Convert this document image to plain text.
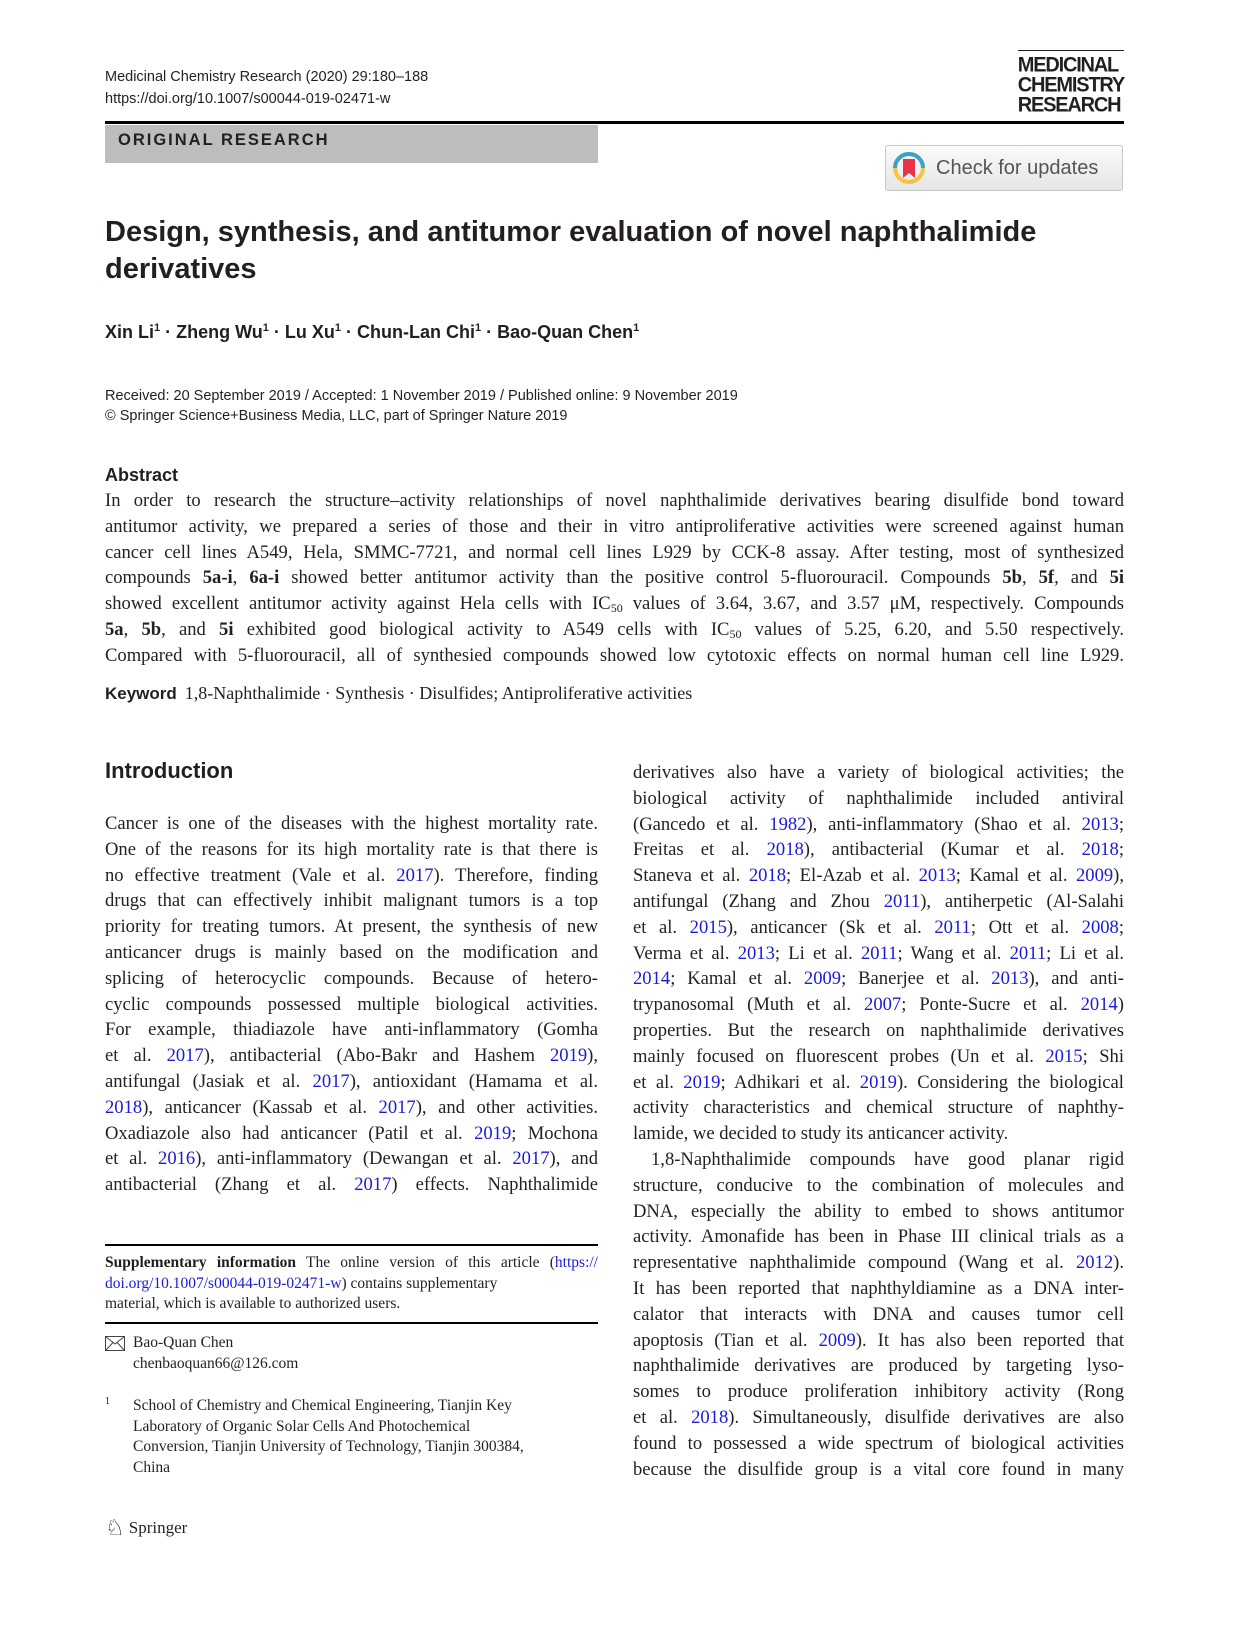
Medicinal Chemistry Research (2020) 29:180–188
https://doi.org/10.1007/s00044-019-02471-w
MEDICINAL
CHEMISTRY
RESEARCH
ORIGINAL RESEARCH
Check for updates
Design, synthesis, and antitumor evaluation of novel naphthalimide
derivatives
Xin $Li^1$ · Zheng $Wu^1 \cdot Lu$ $Xu^1$ · Chun-Lan Chi$^1$ · Bao-Quan Chen$^1$
Received: 20 September 2019 / Accepted: 1 November 2019 / Published online: 9 November 2019
© Springer Science+Business Media, LLC, part of Springer Nature 2019
Abstract
In order to research the structure–activity relationships of novel naphthalimide derivatives bearing disulfide bond toward
antitumor activity, we prepared a series of those and their in vitro antiproliferative activities were screened against human
cancer cell lines A549, Hela, SMMC-7721, and normal cell lines L929 by CCK-8 assay. After testing, most of synthesized
compounds 5a-i, 6a-i showed better antitumor activity than the positive control 5-fluorouracil. Compounds 5b, 5f, and 5i
showed excellent antitumor activity against Hela cells with $IC_{50}$ values of 3.64, 3.67, and 3.57 μM, respectively. Compounds
5a, 5b, and 5i exhibited good biological activity to A549 cells with $IC_{50}$ values of 5.25, 6.20, and 5.50 respectively.
Compared with 5-fluorouracil, all of synthesied compounds showed low cytotoxic effects on normal human cell line L929.
Keyword 1,8-Naphthalimide · Synthesis · Disulfides; Antiproliferative activities
Introduction
Cancer is one of the diseases with the highest mortality rate.
One of the reasons for its high mortality rate is that there is
no effective treatment (Vale et al. 2017). Therefore, finding
drugs that can effectively inhibit malignant tumors is a top
priority for treating tumors. At present, the synthesis of new
anticancer drugs is mainly based on the modification and
splicing of heterocyclic compounds. Because of hetero-
cyclic compounds possessed multiple biological activities.
For example, thiadiazole have anti-inflammatory (Gomha
et al. 2017), antibacterial (Abo-Bakr and Hashem 2019),
antifungal (Jasiak et al. 2017), antioxidant (Hamama et al.
2018), anticancer (Kassab et al. 2017), and other activities.
Oxadiazole also had anticancer (Patil et al. 2019; Mochona
et al. 2016), anti-inflammatory (Dewangan et al. 2017), and
antibacterial (Zhang et al. 2017) effects. Naphthalimide
derivatives also have a variety of biological activities; the
biological activity of naphthalimide included antiviral
(Gancedo et al. 1982), anti-inflammatory (Shao et al. 2013;
Freitas et al. 2018), antibacterial (Kumar et al. 2018;
Staneva et al. 2018; El-Azab et al. 2013; Kamal et al. 2009),
antifungal (Zhang and Zhou 2011), antiherpetic (Al-Salahi
et al. 2015), anticancer (Sk et al. 2011; Ott et al. 2008;
Verma et al. 2013; Li et al. 2011; Wang et al. 2011; Li et al.
2014; Kamal et al. 2009; Banerjee et al. 2013), and anti-
trypanosomal (Muth et al. 2007; Ponte-Sucre et al. 2014)
properties. But the research on naphthalimide derivatives
mainly focused on fluorescent probes (Un et al. 2015; Shi
et al. 2019; Adhikari et al. 2019). Considering the biological
activity characteristics and chemical structure of naphthy-
lamide, we decided to study its anticancer activity.
1,8-Naphthalimide compounds have good planar rigid
structure, conducive to the combination of molecules and
DNA, especially the ability to embed to shows antitumor
activity. Amonafide has been in Phase III clinical trials as a
representative naphthalimide compound (Wang et al. 2012).
It has been reported that naphthyldiamine as a DNA inter-
calator that interacts with DNA and causes tumor cell
apoptosis (Tian et al. 2009). It has also been reported that
naphthalimide derivatives are produced by targeting lyso-
somes to produce proliferation inhibitory activity (Rong
et al. 2018). Simultaneously, disulfide derivatives are also
found to possessed a wide spectrum of biological activities
because the disulfide group is a vital core found in many
Supplementary information The online version of this article (https://
doi.org/10.1007/s00044-019-02471-w) contains supplementary
material, which is available to authorized users.
Bao-Quan Chen
chenbaoquan66@126.com
1 School of Chemistry and Chemical Engineering, Tianjin Key
Laboratory of Organic Solar Cells And Photochemical
Conversion, Tianjin University of Technology, Tianjin 300384,
China
♘ Springer
